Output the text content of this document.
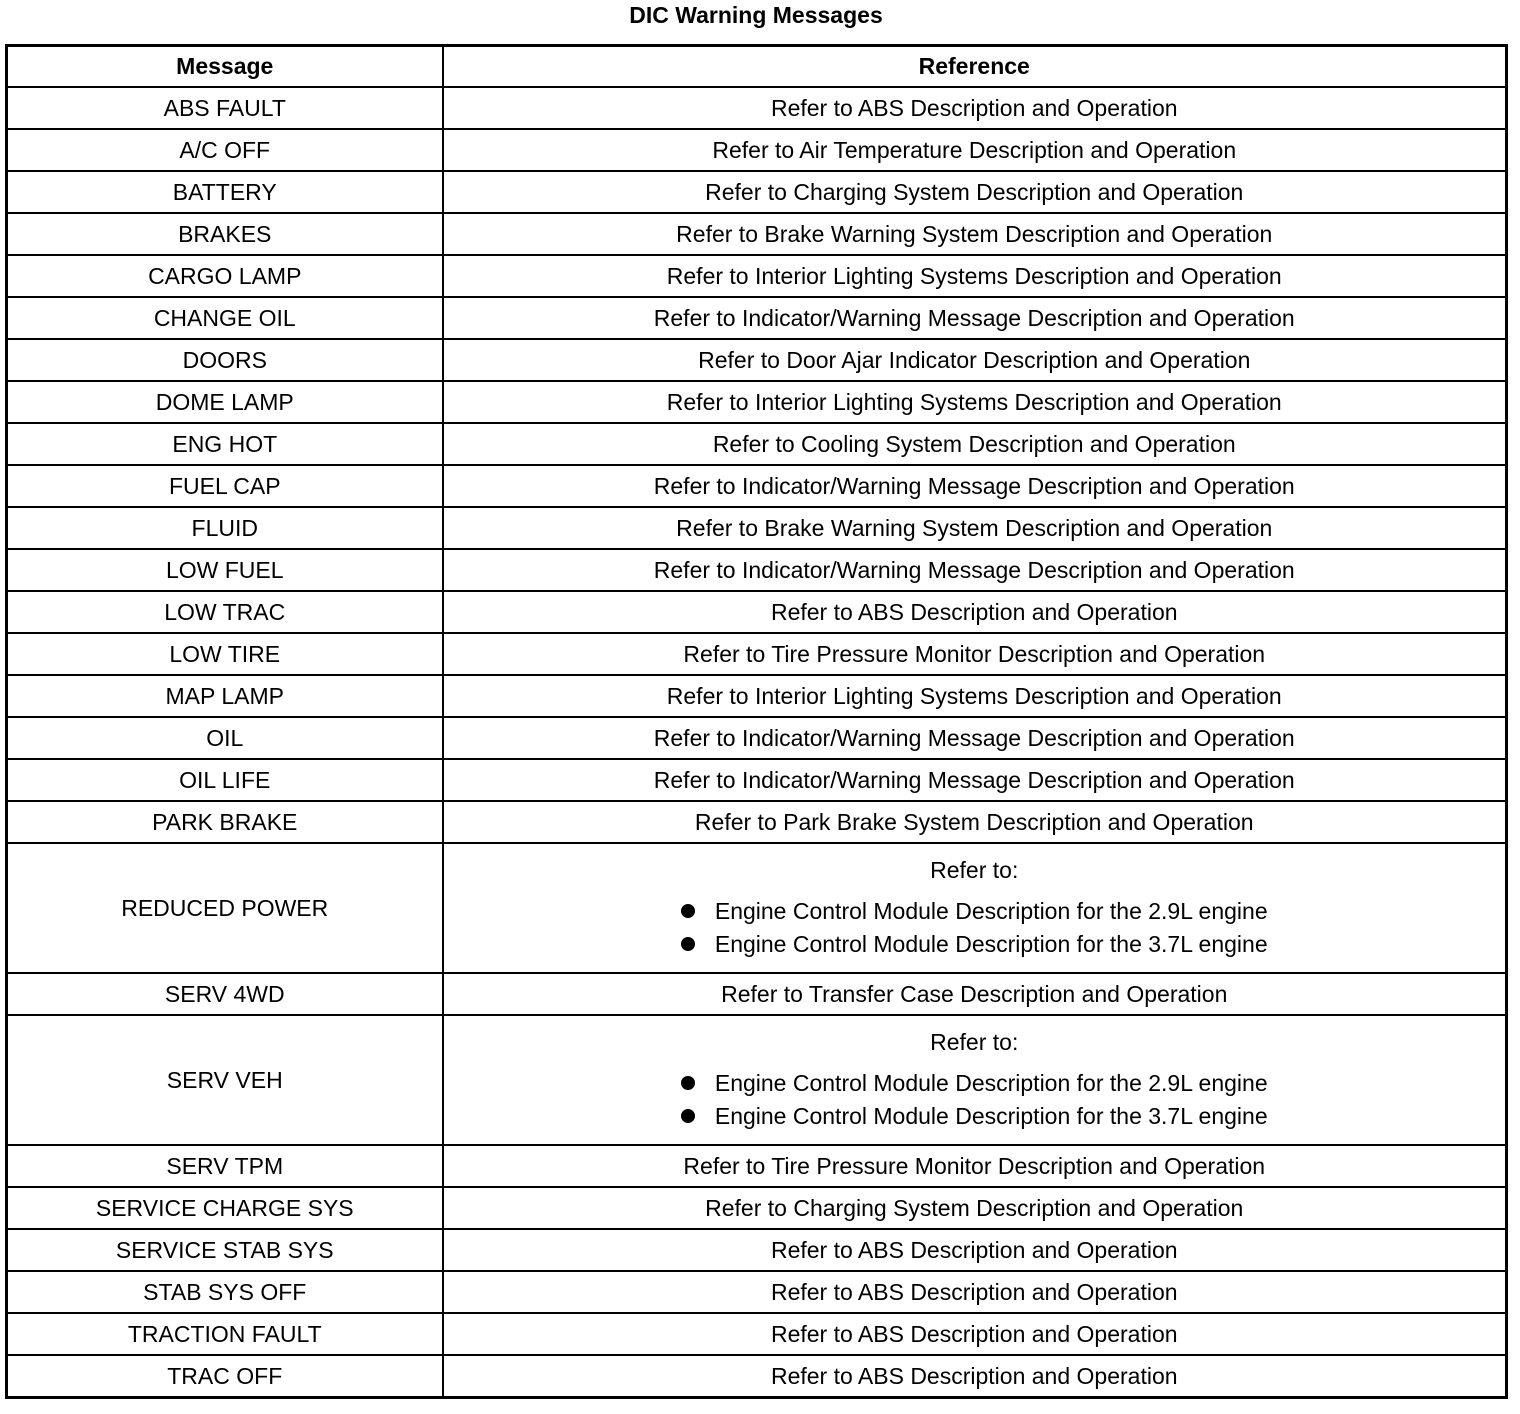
DIC Warning Messages
Message	Reference
ABS FAULT	Refer to ABS Description and Operation
A/C OFF	Refer to Air Temperature Description and Operation
BATTERY	Refer to Charging System Description and Operation
BRAKES	Refer to Brake Warning System Description and Operation
CARGO LAMP	Refer to Interior Lighting Systems Description and Operation
CHANGE OIL	Refer to Indicator/Warning Message Description and Operation
DOORS	Refer to Door Ajar Indicator Description and Operation
DOME LAMP	Refer to Interior Lighting Systems Description and Operation
ENG HOT	Refer to Cooling System Description and Operation
FUEL CAP	Refer to Indicator/Warning Message Description and Operation
FLUID	Refer to Brake Warning System Description and Operation
LOW FUEL	Refer to Indicator/Warning Message Description and Operation
LOW TRAC	Refer to ABS Description and Operation
LOW TIRE	Refer to Tire Pressure Monitor Description and Operation
MAP LAMP	Refer to Interior Lighting Systems Description and Operation
OIL	Refer to Indicator/Warning Message Description and Operation
OIL LIFE	Refer to Indicator/Warning Message Description and Operation
PARK BRAKE	Refer to Park Brake System Description and Operation
REDUCED POWER	Refer to:
Engine Control Module Description for the 2.9L engine
Engine Control Module Description for the 3.7L engine

SERV 4WD	Refer to Transfer Case Description and Operation
SERV VEH	Refer to:
Engine Control Module Description for the 2.9L engine
Engine Control Module Description for the 3.7L engine

SERV TPM	Refer to Tire Pressure Monitor Description and Operation
SERVICE CHARGE SYS	Refer to Charging System Description and Operation
SERVICE STAB SYS	Refer to ABS Description and Operation
STAB SYS OFF	Refer to ABS Description and Operation
TRACTION FAULT	Refer to ABS Description and Operation
TRAC OFF	Refer to ABS Description and Operation
